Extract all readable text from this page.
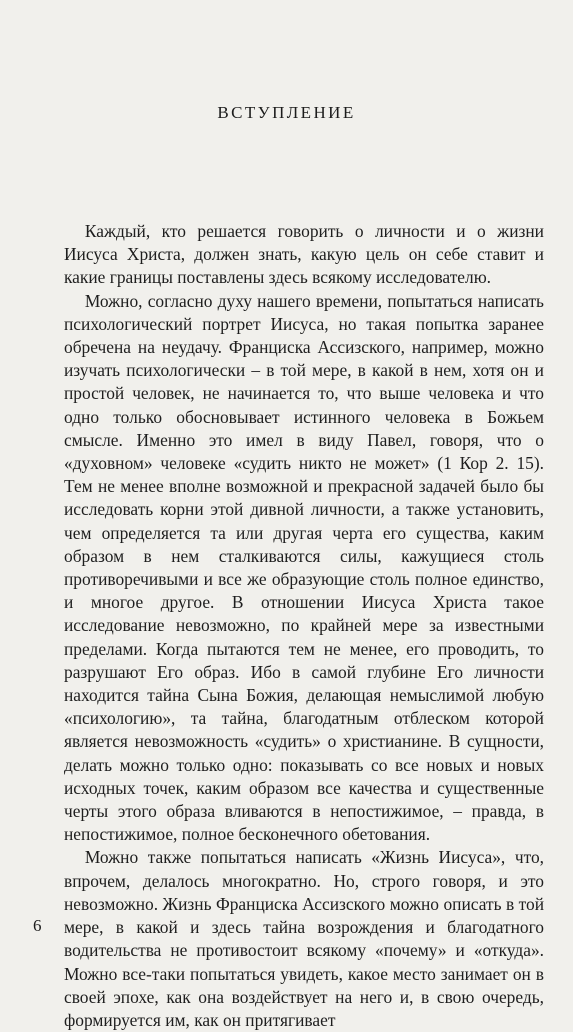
ВСТУПЛЕНИЕ

Каждый, кто решается говорить о личности и о жизни Иисуса Христа, должен знать, какую цель он себе ставит и какие границы поставлены здесь всякому исследователю.

Можно, согласно духу нашего времени, попытаться написать психологический портрет Иисуса, но такая попытка заранее обречена на неудачу. Франциска Ассизского, например, можно изучать психологически – в той мере, в какой в нем, хотя он и простой человек, не начинается то, что выше человека и что одно только обосновывает истинного человека в Божьем смысле. Именно это имел в виду Павел, говоря, что о «духовном» человеке «судить никто не может» (1 Кор 2. 15). Тем не менее вполне возможной и прекрасной задачей было бы исследовать корни этой дивной личности, а также установить, чем определяется та или другая черта его существа, каким образом в нем сталкиваются силы, кажущиеся столь противоречивыми и все же образующие столь полное единство, и многое другое. В отношении Иисуса Христа такое исследование невозможно, по крайней мере за известными пределами. Когда пытаются тем не менее, его проводить, то разрушают Его образ. Ибо в самой глубине Его личности находится тайна Сына Божия, делающая немыслимой любую «психологию», та тайна, благодатным отблеском которой является невозможность «судить» о христианине. В сущности, делать можно только одно: показывать со все новых и новых исходных точек, каким образом все качества и существенные черты этого образа вливаются в непостижимое, – правда, в непостижимое, полное бесконечного обетования.

Можно также попытаться написать «Жизнь Иисуса», что, впрочем, делалось многократно. Но, строго говоря, и это невозможно. Жизнь Франциска Ассизского можно описать в той мере, в какой и здесь тайна возрождения и благодатного водительства не противостоит всякому «почему» и «откуда». Можно все-таки попытаться увидеть, какое место занимает он в своей эпохе, как она воздействует на него и, в свою очередь, формируется им, как он притягивает

6
